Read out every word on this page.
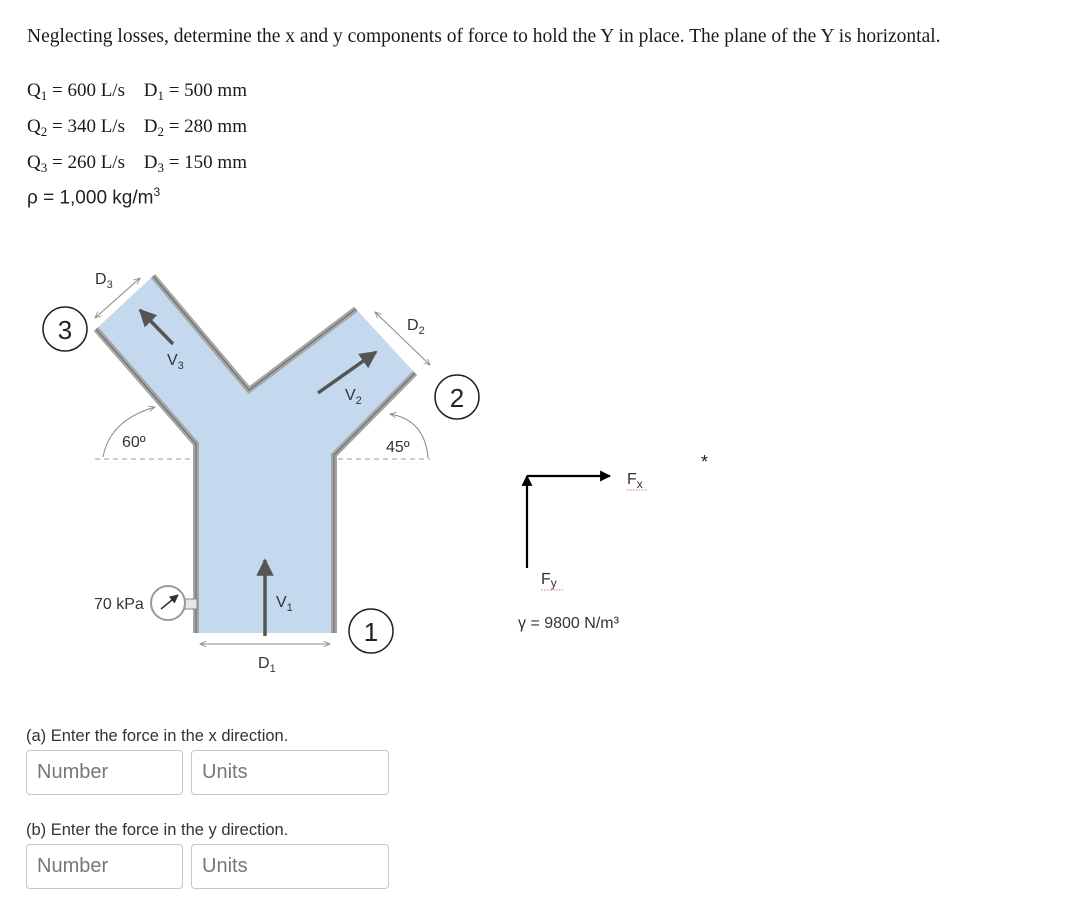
Neglecting losses, determine the x and y components of force to hold the Y in place. The plane of the Y is horizontal.
$Q_1 = 600$ L/s $D_1 = 500$ mm
$Q_2 = 340$ L/s $D_2 = 280$ mm
$Q_3 = 260$ L/s $D_3 = 150$ mm
ρ = 1,000 $kg/m^3$
3
2
1
$D_3$
$D_2$
$D_1$
$V_3$
$V_2$
$V_1$
60º	45º
70 kPa
$F_x$
Fy
γ = 9800 N/m³
*
(a) Enter the force in the x direction.
Number
Units
(b) Enter the force in the y direction.
Number
Units
